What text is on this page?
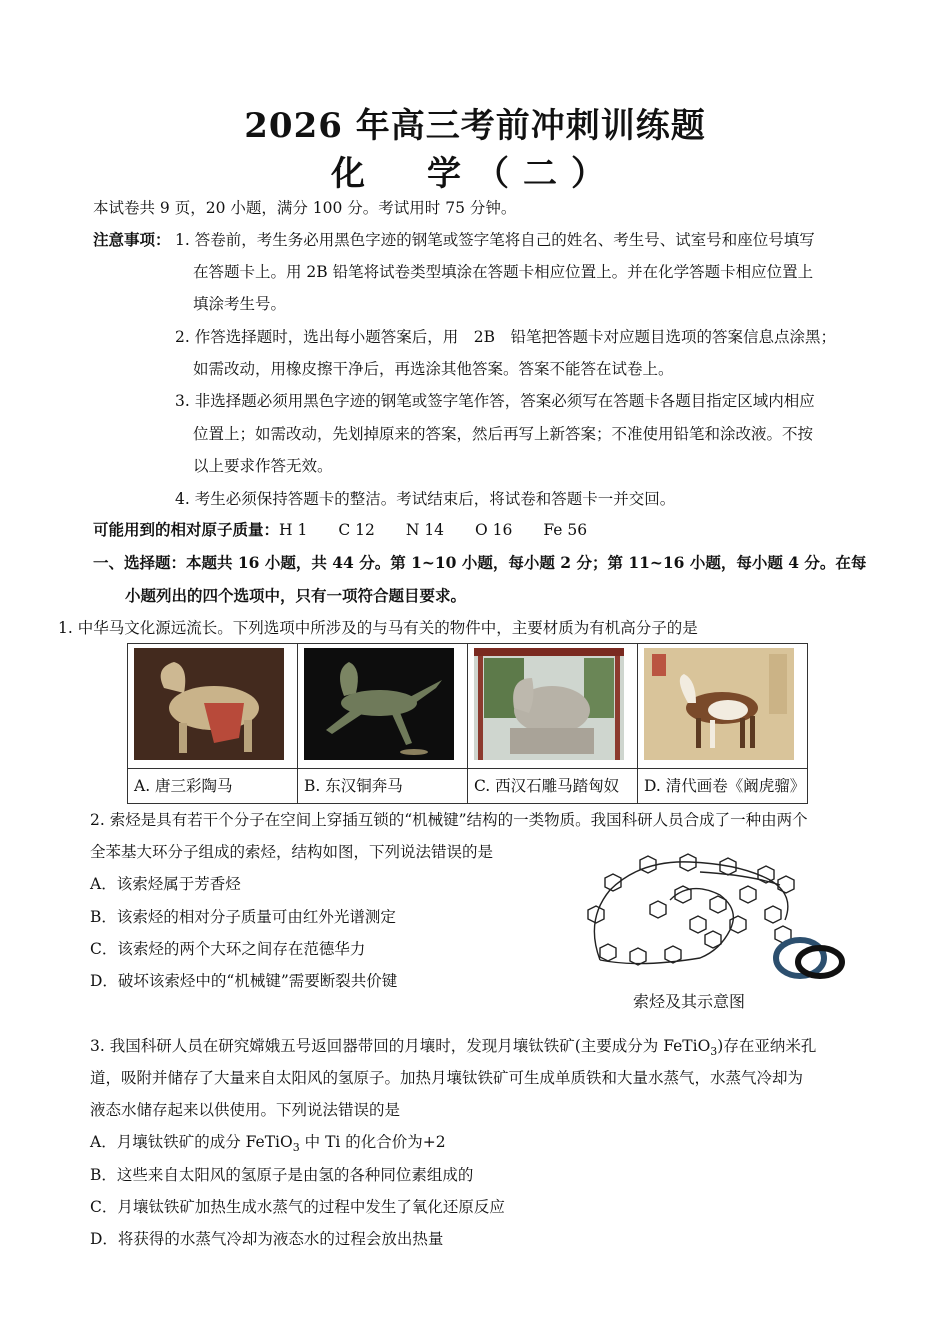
2026 年高三考前冲刺训练题
化　学（二）
本试卷共 9 页，20 小题，满分 100 分。考试用时 75 分钟。
注意事项： 1. 答卷前，考生务必用黑色字迹的钢笔或签字笔将自己的姓名、考生号、试室号和座位号填写
在答题卡上。用 2B 铅笔将试卷类型填涂在答题卡相应位置上。并在化学答题卡相应位置上
填涂考生号。
2. 作答选择题时，选出每小题答案后，用　2B　铅笔把答题卡对应题目选项的答案信息点涂黑；
如需改动，用橡皮擦干净后，再选涂其他答案。答案不能答在试卷上。
3. 非选择题必须用黑色字迹的钢笔或签字笔作答，答案必须写在答题卡各题目指定区域内相应
位置上；如需改动，先划掉原来的答案，然后再写上新答案；不准使用铅笔和涂改液。不按
以上要求作答无效。
4. 考生必须保持答题卡的整洁。考试结束后，将试卷和答题卡一并交回。
可能用到的相对原子质量：H 1　　C 12　　N 14　　O 16　　Fe 56
一、选择题：本题共 16 小题，共 44 分。第 1~10 小题，每小题 2 分；第 11~16 小题，每小题 4 分。在每
小题列出的四个选项中，只有一项符合题目要求。
1. 中华马文化源远流长。下列选项中所涉及的与马有关的物件中，主要材质为有机高分子的是

A. 唐三彩陶马	B. 东汉铜奔马	C. 西汉石雕马踏匈奴	D. 清代画卷《阚虎骝》
2. 索烃是具有若干个分子在空间上穿插互锁的“机械键”结构的一类物质。我国科研人员合成了一种由两个
全苯基大环分子组成的索烃，结构如图，下列说法错误的是
A．该索烃属于芳香烃
B．该索烃的相对分子质量可由红外光谱测定
C．该索烃的两个大环之间存在范德华力
D．破坏该索烃中的“机械键”需要断裂共价键
索烃及其示意图
3. 我国科研人员在研究嫦娥五号返回器带回的月壤时，发现月壤钛铁矿(主要成分为 FeTiO$_3$)存在亚纳米孔
道，吸附并储存了大量来自太阳风的氢原子。加热月壤钛铁矿可生成单质铁和大量水蒸气，水蒸气冷却为
液态水储存起来以供使用。下列说法错误的是
A．月壤钛铁矿的成分 FeTiO$_3$ 中 Ti 的化合价为+2
B．这些来自太阳风的氢原子是由氢的各种同位素组成的
C．月壤钛铁矿加热生成水蒸气的过程中发生了氧化还原反应
D．将获得的水蒸气冷却为液态水的过程会放出热量
